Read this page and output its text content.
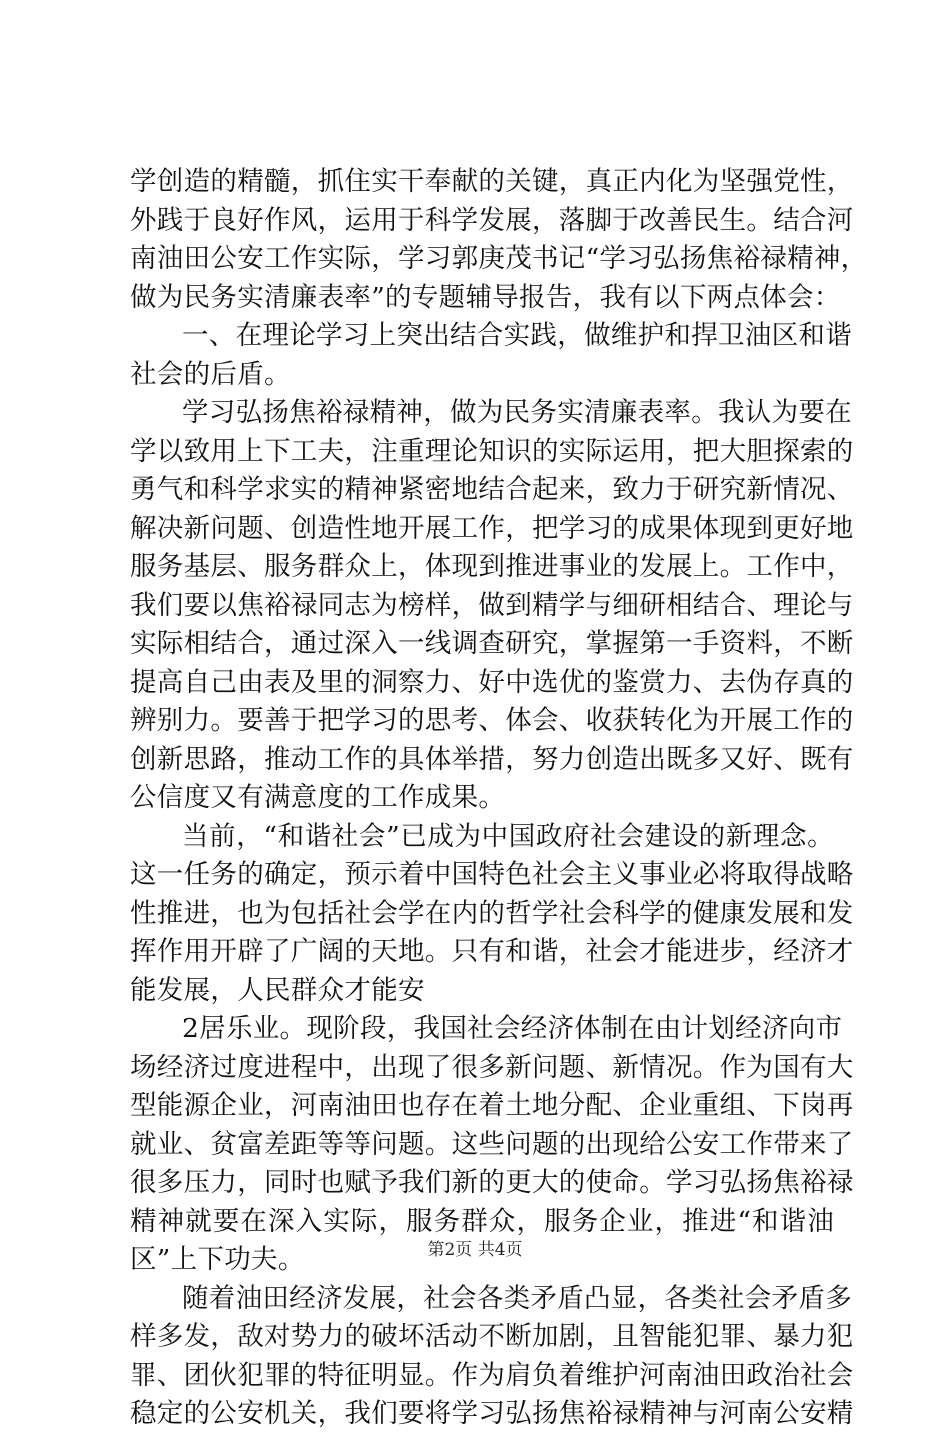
学创造的精髓，抓住实干奉献的关键，真正内化为坚强党性，
外践于良好作风，运用于科学发展，落脚于改善民生。结合河
南油田公安工作实际，学习郭庚茂书记“学习弘扬焦裕禄精神，
做为民务实清廉表率”的专题辅导报告，我有以下两点体会：
一、在理论学习上突出结合实践，做维护和捍卫油区和谐
社会的后盾。
学习弘扬焦裕禄精神，做为民务实清廉表率。我认为要在
学以致用上下工夫，注重理论知识的实际运用，把大胆探索的
勇气和科学求实的精神紧密地结合起来，致力于研究新情况、
解决新问题、创造性地开展工作，把学习的成果体现到更好地
服务基层、服务群众上，体现到推进事业的发展上。工作中，
我们要以焦裕禄同志为榜样，做到精学与细研相结合、理论与
实际相结合，通过深入一线调查研究，掌握第一手资料，不断
提高自己由表及里的洞察力、好中选优的鉴赏力、去伪存真的
辨别力。要善于把学习的思考、体会、收获转化为开展工作的
创新思路，推动工作的具体举措，努力创造出既多又好、既有
公信度又有满意度的工作成果。
当前，“和谐社会”已成为中国政府社会建设的新理念。
这一任务的确定，预示着中国特色社会主义事业必将取得战略
性推进，也为包括社会学在内的哲学社会科学的健康发展和发
挥作用开辟了广阔的天地。只有和谐，社会才能进步，经济才
能发展，人民群众才能安
2居乐业。现阶段，我国社会经济体制在由计划经济向市
场经济过度进程中，出现了很多新问题、新情况。作为国有大
型能源企业，河南油田也存在着土地分配、企业重组、下岗再
就业、贫富差距等等问题。这些问题的出现给公安工作带来了
很多压力，同时也赋予我们新的更大的使命。学习弘扬焦裕禄
精神就要在深入实际，服务群众，服务企业，推进“和谐油
区”上下功夫。
随着油田经济发展，社会各类矛盾凸显，各类社会矛盾多
样多发，敌对势力的破坏活动不断加剧，且智能犯罪、暴力犯
罪、团伙犯罪的特征明显。作为肩负着维护河南油田政治社会
稳定的公安机关，我们要将学习弘扬焦裕禄精神与河南公安精
第2页 共4页
